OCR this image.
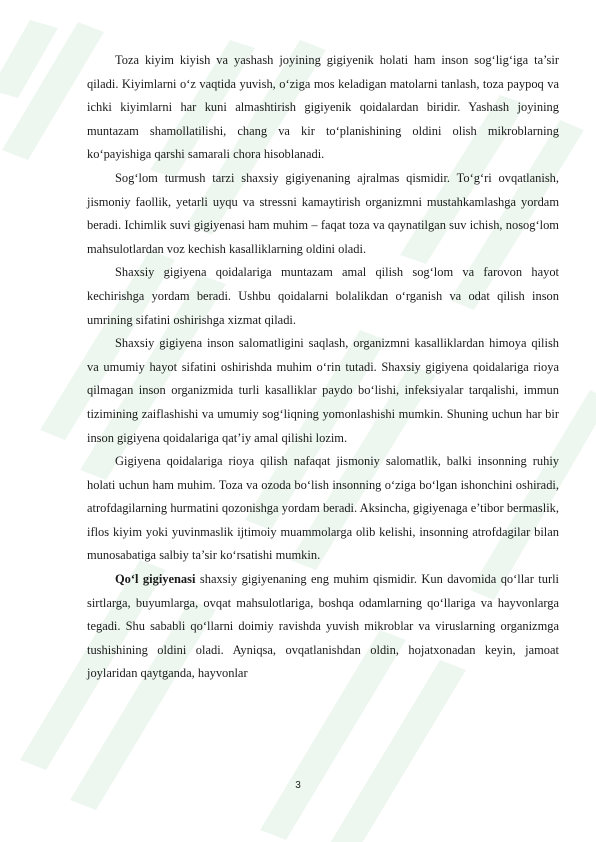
Toza kiyim kiyish va yashash joyining gigiyenik holati ham inson sog‘lig‘iga ta’sir qiladi. Kiyimlarni o‘z vaqtida yuvish, o‘ziga mos keladigan matolarni tanlash, toza paypoq va ichki kiyimlarni har kuni almashtirish gigiyenik qoidalardan biridir. Yashash joyining muntazam shamollatilishi, chang va kir to‘planishining oldini olish mikroblarning ko‘payishiga qarshi samarali chora hisoblanadi.

Sog‘lom turmush tarzi shaxsiy gigiyenaning ajralmas qismidir. To‘g‘ri ovqatlanish, jismoniy faollik, yetarli uyqu va stressni kamaytirish organizmni mustahkamlashga yordam beradi. Ichimlik suvi gigiyenasi ham muhim – faqat toza va qaynatilgan suv ichish, nosog‘lom mahsulotlardan voz kechish kasalliklarning oldini oladi.

Shaxsiy gigiyena qoidalariga muntazam amal qilish sog‘lom va farovon hayot kechirishga yordam beradi. Ushbu qoidalarni bolalikdan o‘rganish va odat qilish inson umrining sifatini oshirishga xizmat qiladi.

Shaxsiy gigiyena inson salomatligini saqlash, organizmni kasalliklardan himoya qilish va umumiy hayot sifatini oshirishda muhim o‘rin tutadi. Shaxsiy gigiyena qoidalariga rioya qilmagan inson organizmida turli kasalliklar paydo bo‘lishi, infeksiyalar tarqalishi, immun tizimining zaiflashishi va umumiy sog‘liqning yomonlashishi mumkin. Shuning uchun har bir inson gigiyena qoidalariga qat’iy amal qilishi lozim.

Gigiyena qoidalariga rioya qilish nafaqat jismoniy salomatlik, balki insonning ruhiy holati uchun ham muhim. Toza va ozoda bo‘lish insonning o‘ziga bo‘lgan ishonchini oshiradi, atrofdagilarning hurmatini qozonishga yordam beradi. Aksincha, gigiyenaga e’tibor bermaslik, iflos kiyim yoki yuvinmaslik ijtimoiy muammolarga olib kelishi, insonning atrofdagilar bilan munosabatiga salbiy ta’sir ko‘rsatishi mumkin.

Qo‘l gigiyenasi shaxsiy gigiyenaning eng muhim qismidir. Kun davomida qo‘llar turli sirtlarga, buyumlarga, ovqat mahsulotlariga, boshqa odamlarning qo‘llariga va hayvonlarga tegadi. Shu sababli qo‘llarni doimiy ravishda yuvish mikroblar va viruslarning organizmga tushishining oldini oladi. Ayniqsa, ovqatlanishdan oldin, hojatxonadan keyin, jamoat joylaridan qaytganda, hayvonlar

3
